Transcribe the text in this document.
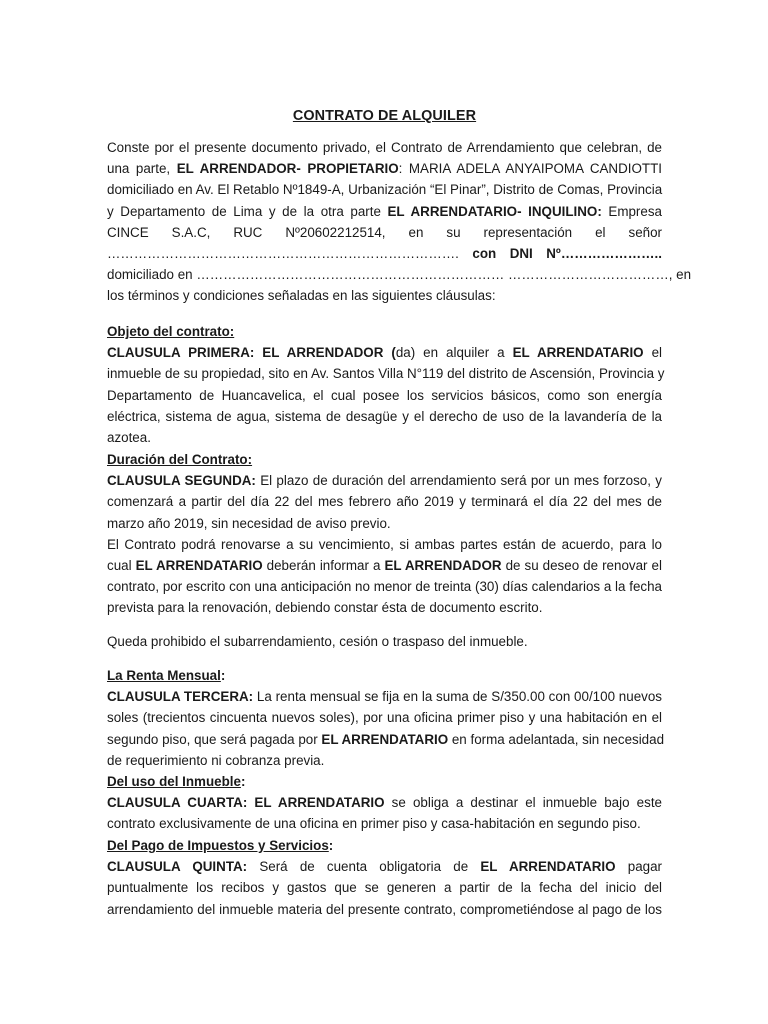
CONTRATO DE ALQUILER
Conste por el presente documento privado, el Contrato de Arrendamiento que celebran, de
una parte, EL ARRENDADOR- PROPIETARIO: MARIA ADELA ANYAIPOMA CANDIOTTI
domiciliado en Av. El Retablo Nº1849-A, Urbanización “El Pinar”, Distrito de Comas, Provincia
y Departamento de Lima y de la otra parte EL ARRENDATARIO- INQUILINO: Empresa
CINCE S.A.C, RUC Nº20602212514, en su representación el señor
……………………………………………………………………. con DNI Nº…………………..
domiciliado en …………………………………………………………… ………………………………, en
los términos y condiciones señaladas en las siguientes cláusulas:
Objeto del contrato:
CLAUSULA PRIMERA: EL ARRENDADOR (da) en alquiler a EL ARRENDATARIO el
inmueble de su propiedad, sito en Av. Santos Villa N°119 del distrito de Ascensión, Provincia y
Departamento de Huancavelica, el cual posee los servicios básicos, como son energía
eléctrica, sistema de agua, sistema de desagüe y el derecho de uso de la lavandería de la
azotea.
Duración del Contrato:
CLAUSULA SEGUNDA: El plazo de duración del arrendamiento será por un mes forzoso, y
comenzará a partir del día 22 del mes febrero año 2019 y terminará el día 22 del mes de
marzo año 2019, sin necesidad de aviso previo.
El Contrato podrá renovarse a su vencimiento, si ambas partes están de acuerdo, para lo
cual EL ARRENDATARIO deberán informar a EL ARRENDADOR de su deseo de renovar el
contrato, por escrito con una anticipación no menor de treinta (30) días calendarios a la fecha
prevista para la renovación, debiendo constar ésta de documento escrito.
Queda prohibido el subarrendamiento, cesión o traspaso del inmueble.
La Renta Mensual:
CLAUSULA TERCERA: La renta mensual se fija en la suma de S/350.00 con 00/100 nuevos
soles (trecientos cincuenta nuevos soles), por una oficina primer piso y una habitación en el
segundo piso, que será pagada por EL ARRENDATARIO en forma adelantada, sin necesidad
de requerimiento ni cobranza previa.
Del uso del Inmueble:
CLAUSULA CUARTA: EL ARRENDATARIO se obliga a destinar el inmueble bajo este
contrato exclusivamente de una oficina en primer piso y casa-habitación en segundo piso.
Del Pago de Impuestos y Servicios:
CLAUSULA QUINTA: Será de cuenta obligatoria de EL ARRENDATARIO pagar
puntualmente los recibos y gastos que se generen a partir de la fecha del inicio del
arrendamiento del inmueble materia del presente contrato, comprometiéndose al pago de los
